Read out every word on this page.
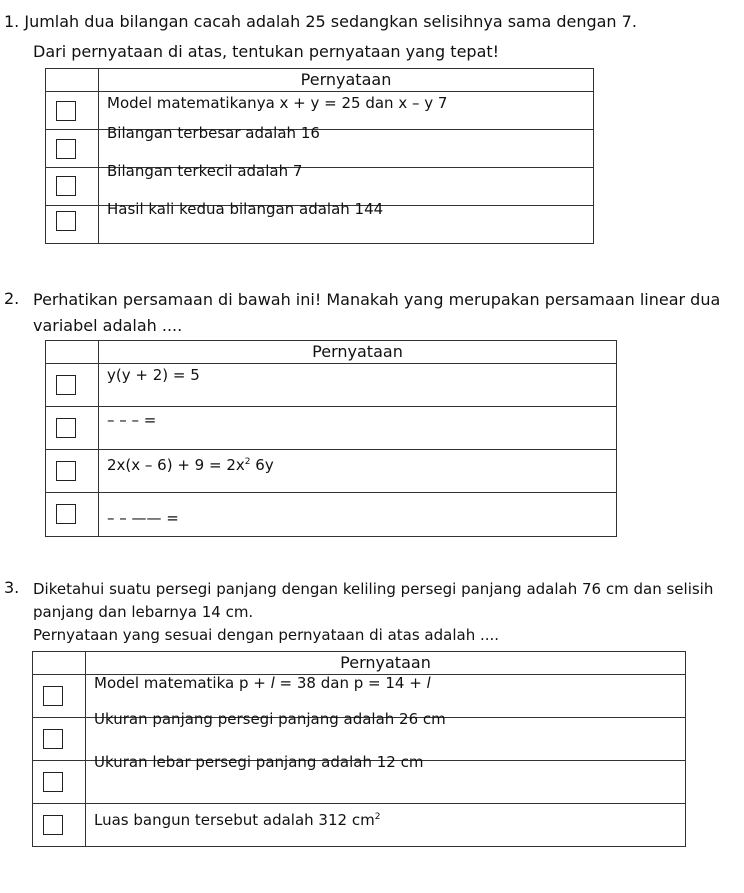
1. Jumlah dua bilangan cacah adalah 25 sedangkan selisihnya sama dengan 7.
Dari pernyataan di atas, tentukan pernyataan yang tepat!
	Pernyataan

	Model matematikanya x + y = 25 dan x – y 7

	Bilangan terbesar adalah 16

	Bilangan terkecil adalah 7

	Hasil kali kedua bilangan adalah 144
2. Perhatikan persamaan di bawah ini! Manakah yang merupakan persamaan linear dua
variabel adalah ....
	Pernyataan

	y(y + 2) = 5

	– – – =

	$2x(x - 6) + 9 = 2x^2$ 6y

	– – —— =
3. Diketahui suatu persegi panjang dengan keliling persegi panjang adalah 76 cm dan selisih
panjang dan lebarnya 14 cm.
Pernyataan yang sesuai dengan pernyataan di atas adalah ....
	Pernyataan

	Model matematika p + l = 38 dan p = 14 + l

	Ukuran panjang persegi panjang adalah 26 cm

	Ukuran lebar persegi panjang adalah 12 cm

	Luas bangun tersebut adalah 312 $cm^2$
